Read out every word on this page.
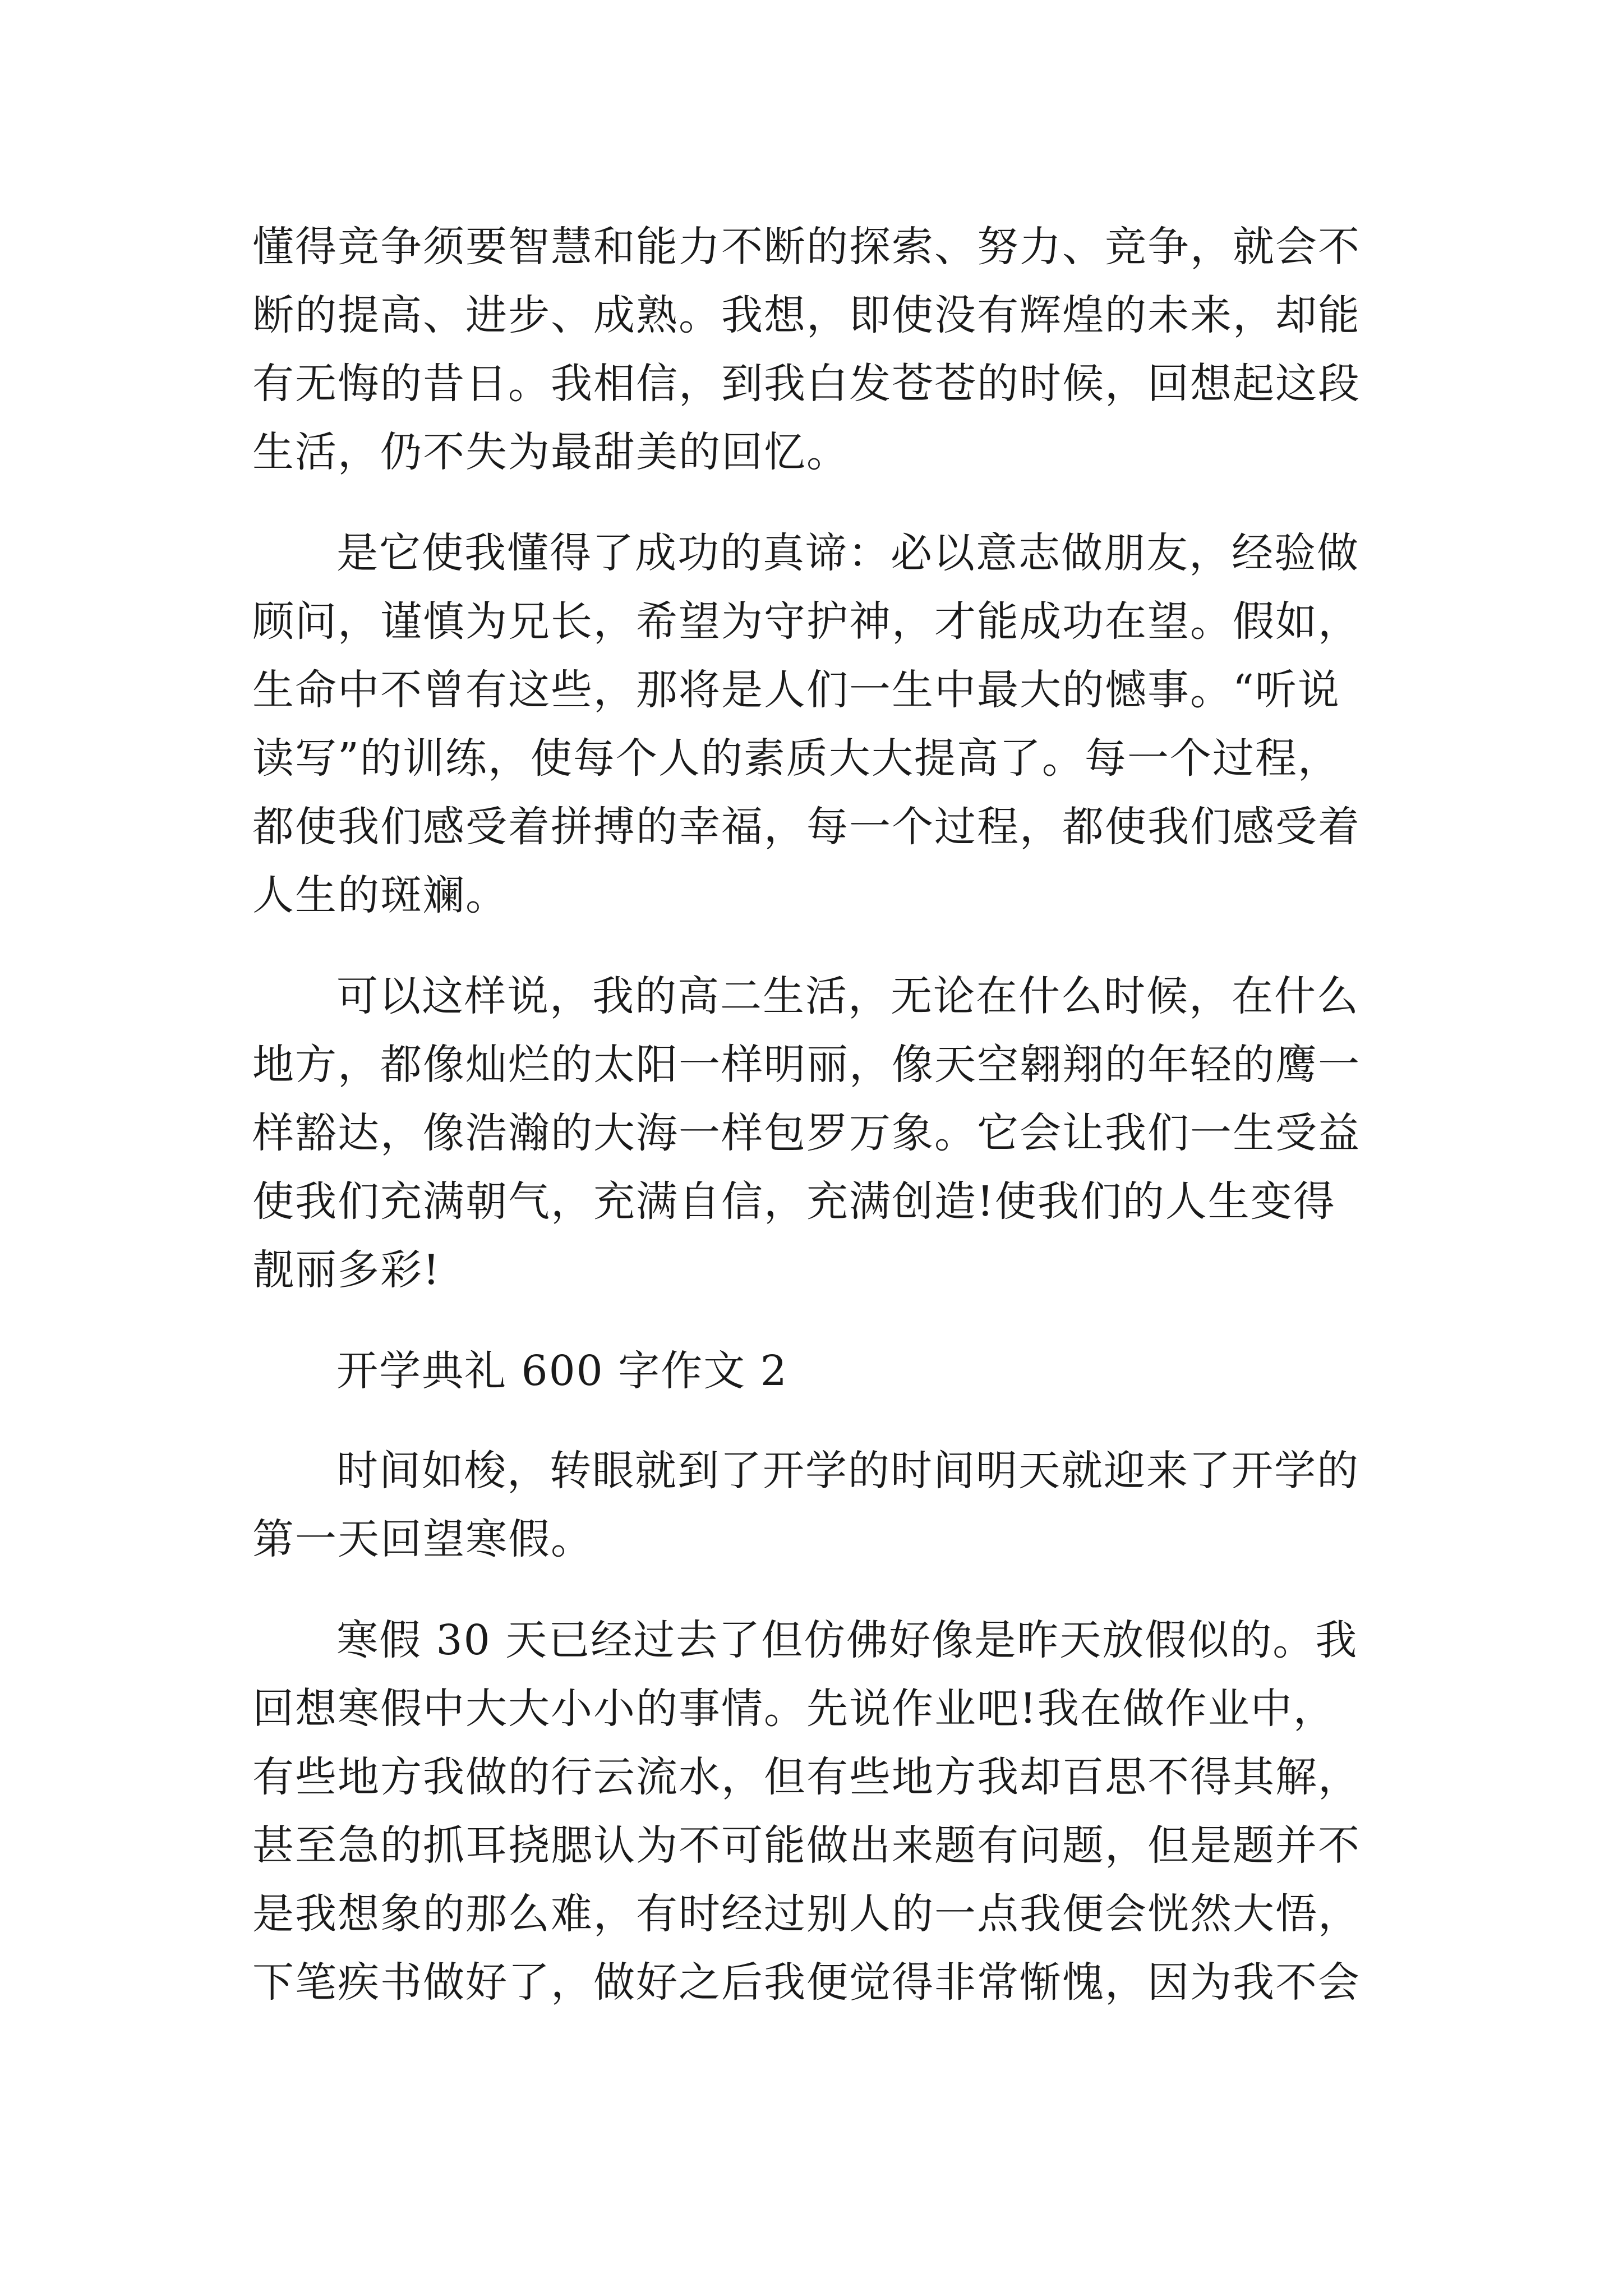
懂得竞争须要智慧和能力不断的探索、努力、竞争，就会不
断的提高、进步、成熟。我想，即使没有辉煌的未来，却能
有无悔的昔日。我相信，到我白发苍苍的时候，回想起这段
生活，仍不失为最甜美的回忆。
是它使我懂得了成功的真谛：必以意志做朋友，经验做
顾问，谨慎为兄长，希望为守护神，才能成功在望。假如，
生命中不曾有这些，那将是人们一生中最大的憾事。“听说
读写”的训练，使每个人的素质大大提高了。每一个过程，
都使我们感受着拼搏的幸福，每一个过程，都使我们感受着
人生的斑斓。
可以这样说，我的高二生活，无论在什么时候，在什么
地方，都像灿烂的太阳一样明丽，像天空翱翔的年轻的鹰一
样豁达，像浩瀚的大海一样包罗万象。它会让我们一生受益
使我们充满朝气，充满自信，充满创造!使我们的人生变得
靓丽多彩!
开学典礼 600 字作文 2
时间如梭，转眼就到了开学的时间明天就迎来了开学的
第一天回望寒假。
寒假 30 天已经过去了但仿佛好像是昨天放假似的。我
回想寒假中大大小小的事情。先说作业吧!我在做作业中，
有些地方我做的行云流水，但有些地方我却百思不得其解，
甚至急的抓耳挠腮认为不可能做出来题有问题，但是题并不
是我想象的那么难，有时经过别人的一点我便会恍然大悟，
下笔疾书做好了，做好之后我便觉得非常惭愧，因为我不会
